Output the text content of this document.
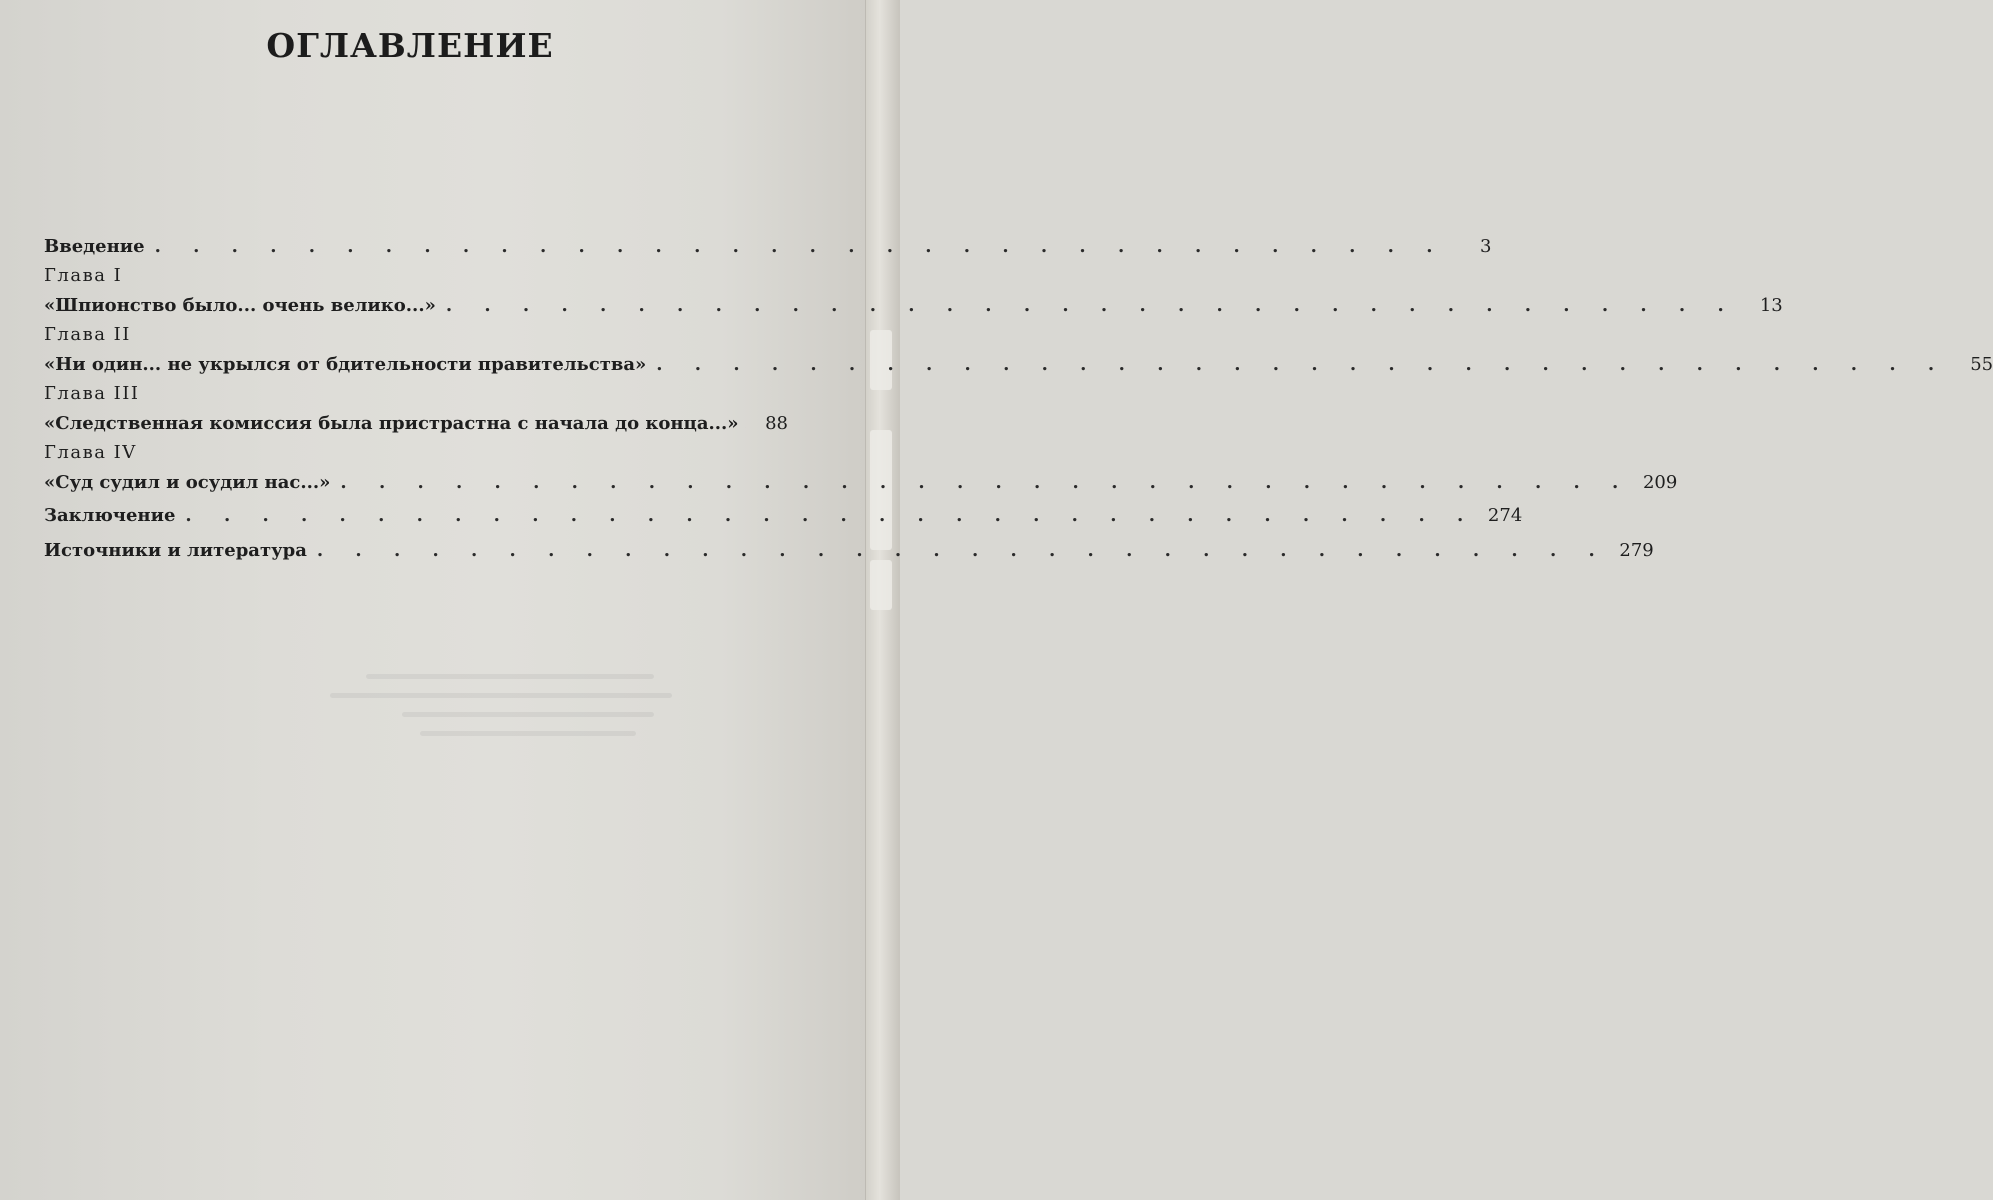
ОГЛАВЛЕНИЕ
Введение . . . . . . . . . . . . . . . . . . . . . . . . . . . . . . . . . .	3
Глава I
«Шпионство было... очень велико...» . . . . . . . . . . . . . . . . . . . . . . . . . . . . . . . . . .	13
Глава II
«Ни один... не укрылся от бдительности правительства» . . . . . . . . . . . . . . . . . . . . . . . . . . . . . . . . . .	55
Глава III
«Следственная комиссия была пристрастна с начала до конца...»	88
Глава IV
«Суд судил и осудил нас...» . . . . . . . . . . . . . . . . . . . . . . . . . . . . . . . . . . 209
Заключение . . . . . . . . . . . . . . . . . . . . . . . . . . . . . . . . . . 274
Источники и литература . . . . . . . . . . . . . . . . . . . . . . . . . . . . . . . . . . 279
